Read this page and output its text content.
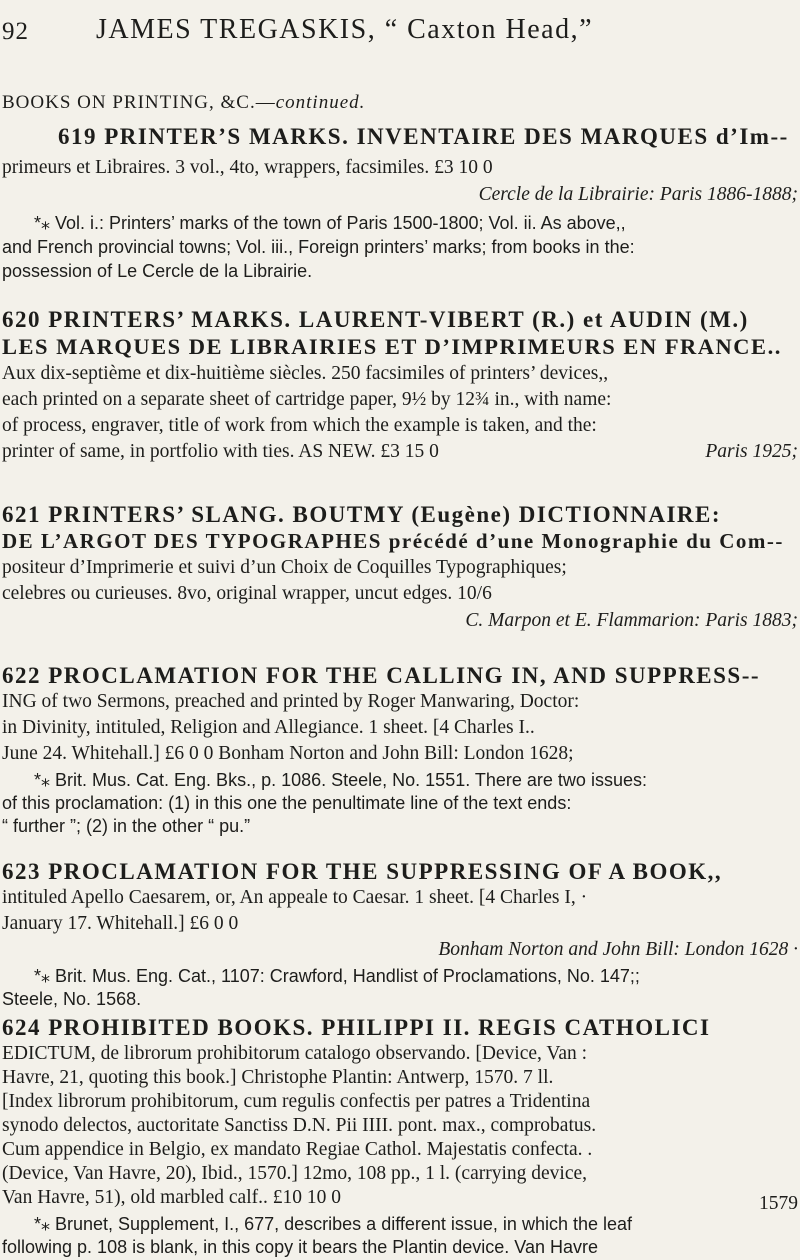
92 JAMES TREGASKIS, “ Caxton Head,”
BOOKS ON PRINTING, &C.—continued.
619 PRINTER’S MARKS. INVENTAIRE DES MARQUES d’Im--
primeurs et Libraires. 3 vol., 4to, wrappers, facsimiles. £3 10 0
Cercle de la Librairie: Paris 1886-1888;
*⁎ Vol. i.: Printers’ marks of the town of Paris 1500-1800; Vol. ii. As above,,
and French provincial towns; Vol. iii., Foreign printers’ marks; from books in the:
possession of Le Cercle de la Librairie.
620 PRINTERS’ MARKS. LAURENT-VIBERT (R.) et AUDIN (M.)
LES MARQUES DE LIBRAIRIES ET D’IMPRIMEURS EN FRANCE..
Aux dix-septième et dix-huitième siècles. 250 facsimiles of printers’ devices,,
each printed on a separate sheet of cartridge paper, 9½ by 12¾ in., with name:
of process, engraver, title of work from which the example is taken, and the:
printer of same, in portfolio with ties. AS NEW. £3 15 0	Paris 1925;
621 PRINTERS’ SLANG. BOUTMY (Eugène) DICTIONNAIRE:
DE L’ARGOT DES TYPOGRAPHES précédé d’une Monographie du Com--
positeur d’Imprimerie et suivi d’un Choix de Coquilles Typographiques;
celebres ou curieuses. 8vo, original wrapper, uncut edges. 10/6
C. Marpon et E. Flammarion: Paris 1883;
622 PROCLAMATION FOR THE CALLING IN, AND SUPPRESS--
ING of two Sermons, preached and printed by Roger Manwaring, Doctor:
in Divinity, intituled, Religion and Allegiance. 1 sheet. [4 Charles I..
June 24. Whitehall.] £6 0 0 Bonham Norton and John Bill: London 1628;
*⁎ Brit. Mus. Cat. Eng. Bks., p. 1086. Steele, No. 1551. There are two issues:
of this proclamation: (1) in this one the penultimate line of the text ends:
“ further ”; (2) in the other “ pu.”
623 PROCLAMATION FOR THE SUPPRESSING OF A BOOK,,
intituled Apello Caesarem, or, An appeale to Caesar. 1 sheet. [4 Charles I, ·
January 17. Whitehall.] £6 0 0
Bonham Norton and John Bill: London 1628 ·
*⁎ Brit. Mus. Eng. Cat., 1107: Crawford, Handlist of Proclamations, No. 147;;
Steele, No. 1568.
624 PROHIBITED BOOKS. PHILIPPI II. REGIS CATHOLICI
EDICTUM, de librorum prohibitorum catalogo observando. [Device, Van :
Havre, 21, quoting this book.] Christophe Plantin: Antwerp, 1570. 7 ll.
[Index librorum prohibitorum, cum regulis confectis per patres a Tridentina
synodo delectos, auctoritate Sanctiss D.N. Pii IIII. pont. max., comprobatus.
Cum appendice in Belgio, ex mandato Regiae Cathol. Majestatis confecta. .
(Device, Van Havre, 20), Ibid., 1570.] 12mo, 108 pp., 1 l. (carrying device,
Van Havre, 51), old marbled calf.. £10 10 0	1579
*⁎ Brunet, Supplement, I., 677, describes a different issue, in which the leaf
following p. 108 is blank, in this copy it bears the Plantin device. Van Havre
